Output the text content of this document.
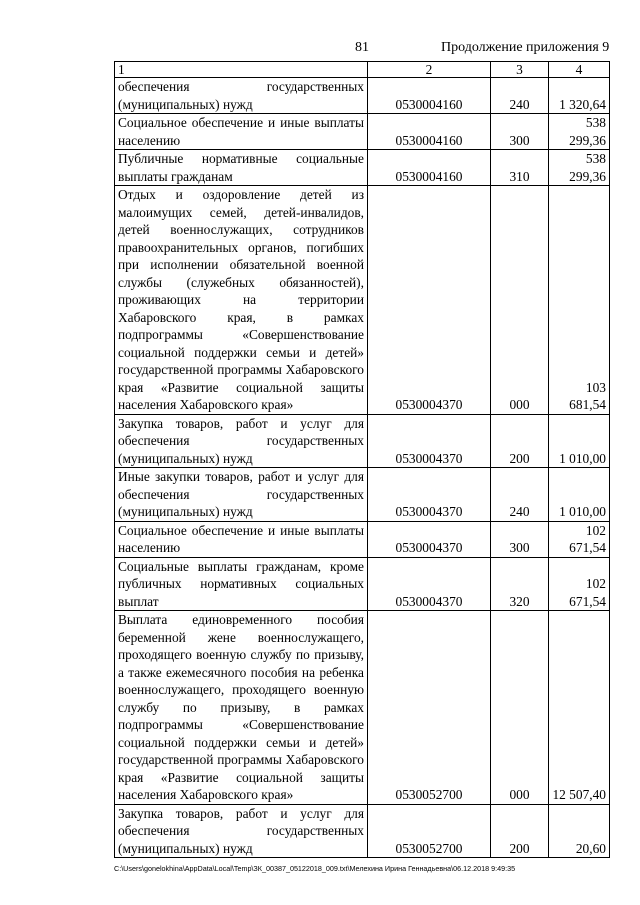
81	Продолжение приложения 9
1	2	3	4
обеспечения государственных (муниципальных) нужд	0530004160	240	1 320,64
Социальное обеспечение и иные выплаты населению	0530004160	300	538 299,36
Публичные нормативные социальные выплаты гражданам	0530004160	310	538 299,36
Отдых и оздоровление детей из малоимущих семей, детей-инвалидов, детей военнослужащих, сотрудников правоохранительных органов, погибших при исполнении обязательной военной службы (служебных обязанностей), проживающих на территории Хабаровского края, в рамках подпрограммы «Совершенствование социальной поддержки семьи и детей» государственной программы Хабаровского края «Развитие социальной защиты населения Хабаровского края»	0530004370	000	103 681,54
Закупка товаров, работ и услуг для обеспечения государственных (муниципальных) нужд	0530004370	200	1 010,00
Иные закупки товаров, работ и услуг для обеспечения государственных (муниципальных) нужд	0530004370	240	1 010,00
Социальное обеспечение и иные выплаты населению	0530004370	300	102 671,54
Социальные выплаты гражданам, кроме публичных нормативных социальных выплат	0530004370	320	102 671,54
Выплата единовременного пособия беременной жене военнослужащего, проходящего военную службу по призыву, а также ежемесячного пособия на ребенка военнослужащего, проходящего военную службу по призыву, в рамках подпрограммы «Совершенствование социальной поддержки семьи и детей» государственной программы Хабаровского края «Развитие социальной защиты населения Хабаровского края»	0530052700	000	12 507,40
Закупка товаров, работ и услуг для обеспечения государственных (муниципальных) нужд	0530052700	200	20,60
C:\Users\gonelokhina\AppData\Local\Temp\ЗК_00387_05122018_009.txt\Мелехина Ирина Геннадьевна\06.12.2018 9:49:35
